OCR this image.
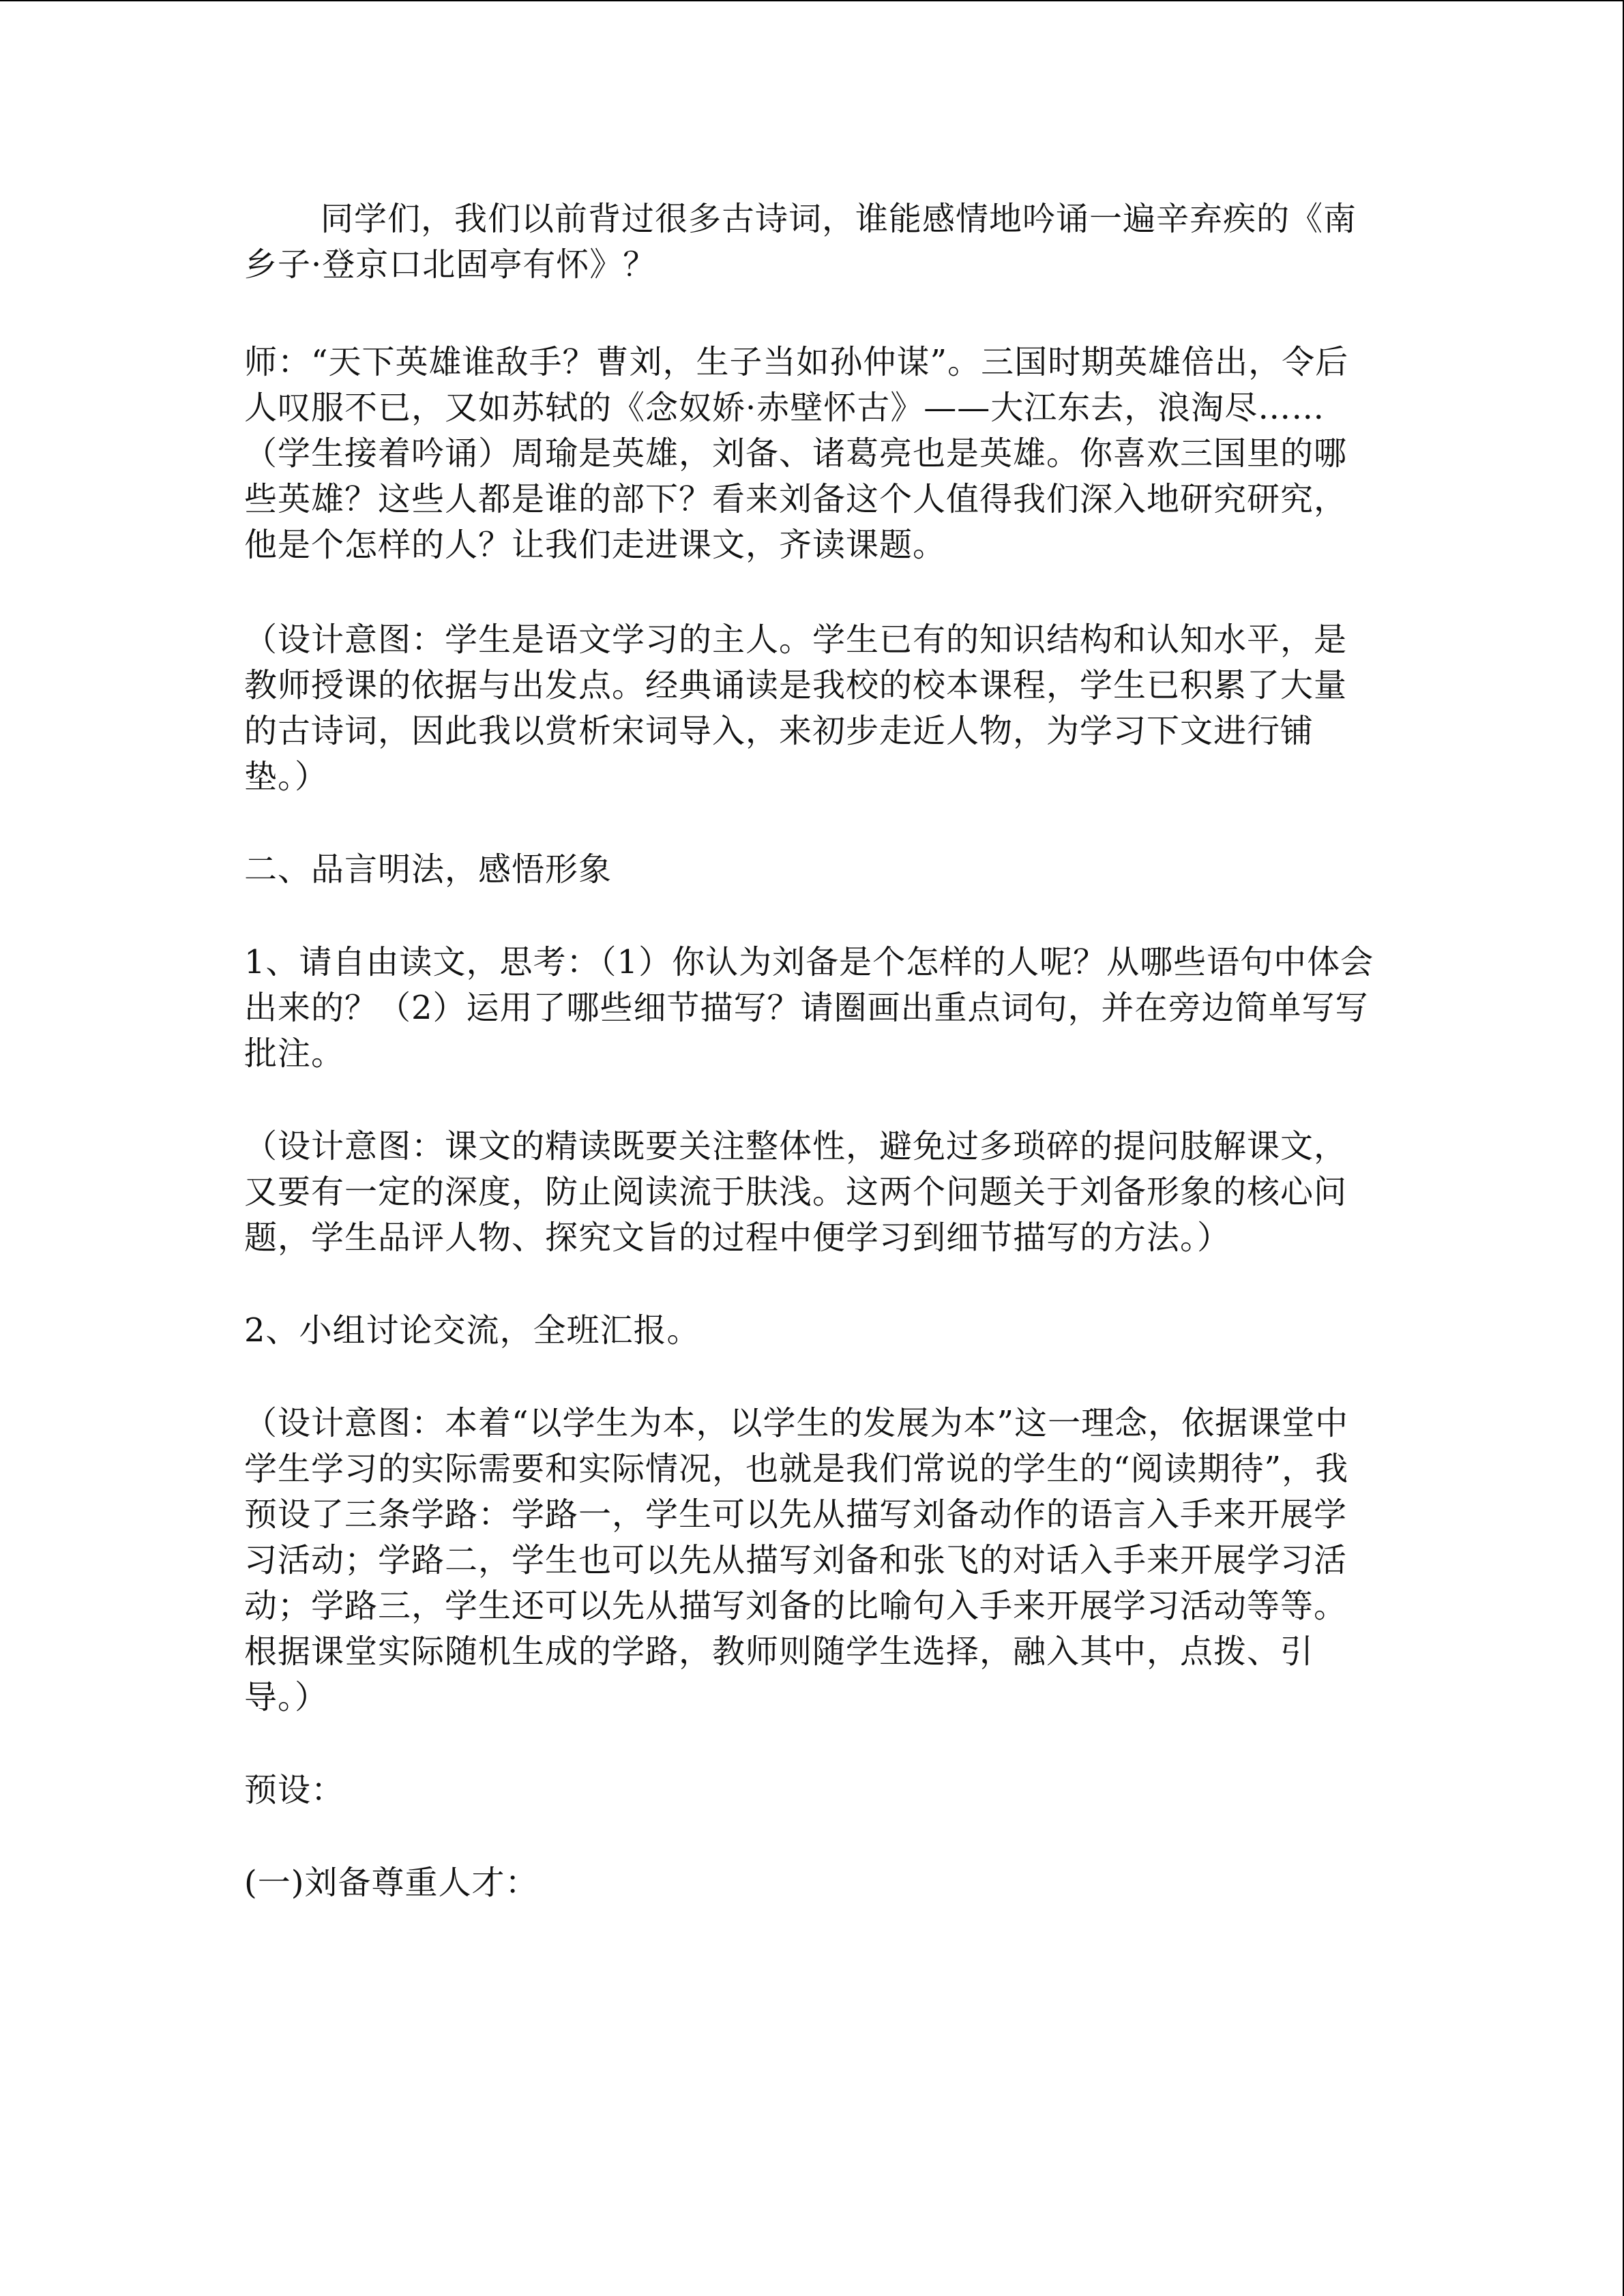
同学们，我们以前背过很多古诗词，谁能感情地吟诵一遍辛弃疾的《南乡子·登京口北固亭有怀》？

师：“天下英雄谁敌手？曹刘，生子当如孙仲谋”。三国时期英雄倍出，令后人叹服不已，又如苏轼的《念奴娇·赤壁怀古》——大江东去，浪淘尽……（学生接着吟诵）周瑜是英雄，刘备、诸葛亮也是英雄。你喜欢三国里的哪些英雄？这些人都是谁的部下？看来刘备这个人值得我们深入地研究研究，他是个怎样的人？让我们走进课文，齐读课题。

（设计意图：学生是语文学习的主人。学生已有的知识结构和认知水平，是教师授课的依据与出发点。经典诵读是我校的校本课程，学生已积累了大量的古诗词，因此我以赏析宋词导入，来初步走近人物，为学习下文进行铺垫。）

二、品言明法，感悟形象

1、请自由读文，思考：（1）你认为刘备是个怎样的人呢？从哪些语句中体会出来的？（2）运用了哪些细节描写？请圈画出重点词句，并在旁边简单写写批注。

（设计意图：课文的精读既要关注整体性，避免过多琐碎的提问肢解课文，又要有一定的深度，防止阅读流于肤浅。这两个问题关于刘备形象的核心问题，学生品评人物、探究文旨的过程中便学习到细节描写的方法。）

2、小组讨论交流，全班汇报。

（设计意图：本着“以学生为本，以学生的发展为本”这一理念，依据课堂中学生学习的实际需要和实际情况，也就是我们常说的学生的“阅读期待”，我预设了三条学路：学路一，学生可以先从描写刘备动作的语言入手来开展学习活动；学路二，学生也可以先从描写刘备和张飞的对话入手来开展学习活动；学路三，学生还可以先从描写刘备的比喻句入手来开展学习活动等等。根据课堂实际随机生成的学路，教师则随学生选择，融入其中，点拨、引导。）

预设：

(一)刘备尊重人才：
